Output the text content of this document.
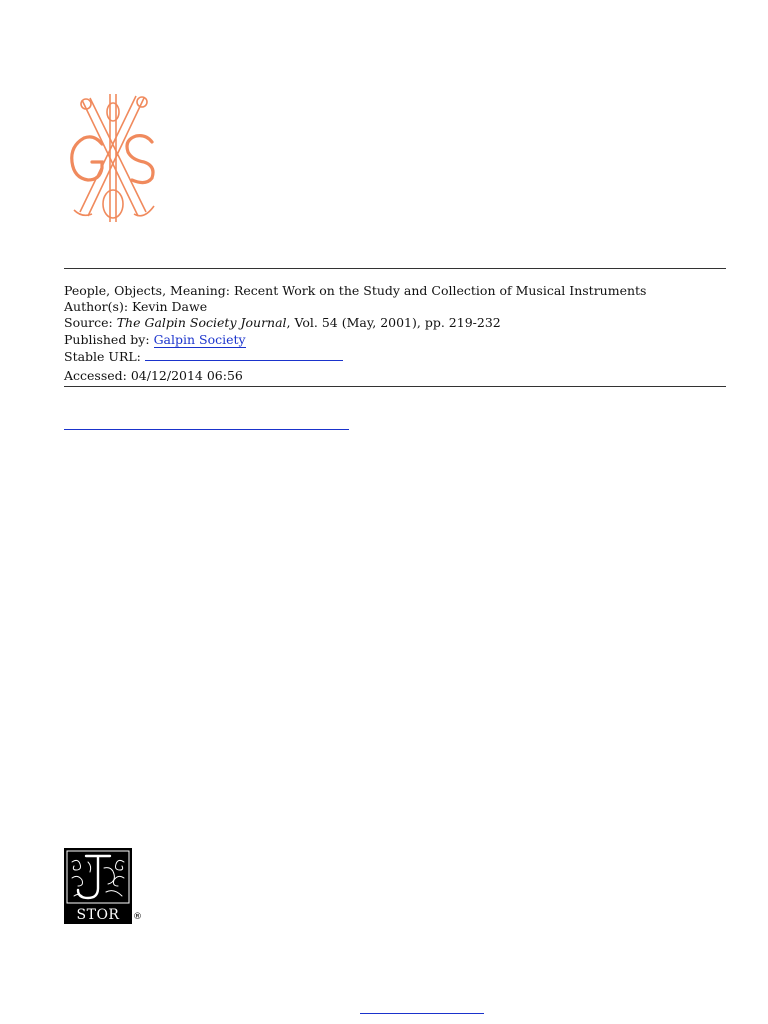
People, Objects, Meaning: Recent Work on the Study and Collection of Musical Instruments
Author(s): Kevin Dawe
Source: The Galpin Society Journal, Vol. 54 (May, 2001), pp. 219-232
Published by: Galpin Society
Stable URL:
Accessed: 04/12/2014 06:56
STOR	®
